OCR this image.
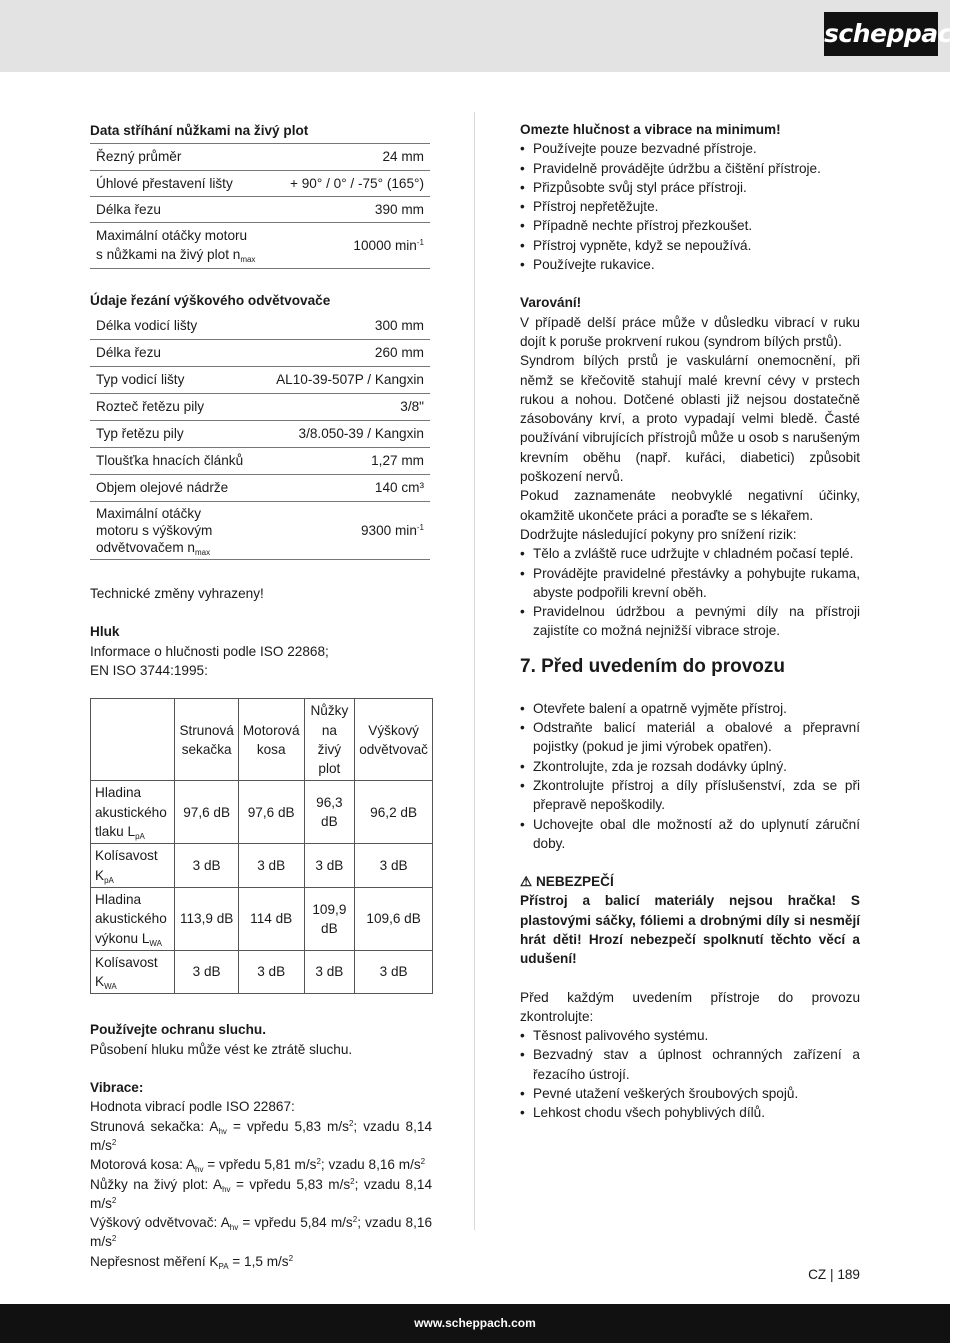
scheppach

Data stříhání nůžkami na živý plot

Řezný průměr	24 mm
Úhlové přestavení lišty	+ 90° / 0° / -75° (165°)
Délka řezu	390 mm
Maximální otáčky motoru
s nůžkami na živý plot $n_{max}$	10000 $\min^{-1}$

Údaje řezání výškového odvětvovače

Délka vodicí lišty	300 mm
Délka řezu	260 mm
Typ vodicí lišty	AL10-39-507P / Kangxin
Rozteč řetězu pily	3/8"
Typ řetězu pily	3/8.050-39 / Kangxin
Tloušťka hnacích článků	1,27 mm
Objem olejové nádrže	140 cm³
Maximální otáčky
motoru s výškovým
odvětvovačem $n_{max}$	9300 $\min^{-1}$

Technické změny vyhrazeny!

Hluk

Informace o hlučnosti podle ISO 22868;

EN ISO 3744:1995:

	Strunová sekačka	Motorová kosa	Nůžky na živý plot	Výškový odvětvovač
Hladina akustického tlaku $L_{pA}$	97,6 dB	97,6 dB	96,3 dB	96,2 dB
Kolísavost $K_{pA}$	3 dB	3 dB	3 dB	3 dB
Hladina akustického výkonu $L_{WA}$	113,9 dB	114 dB	109,9 dB	109,6 dB
Kolísavost $K_{WA}$	3 dB	3 dB	3 dB	3 dB

Používejte ochranu sluchu.

Působení hluku může vést ke ztrátě sluchu.

Vibrace:

Hodnota vibrací podle ISO 22867:

Strunová sekačka: $A_{hv}$ = vpředu 5,83 $m/s^2$; vzadu 8,14 $m/s^2$

Motorová kosa: $A_{hv}$ = vpředu 5,81 $m/s^2$; vzadu 8,16 $m/s^2$

Nůžky na živý plot: $A_{hv}$ = vpředu 5,83 $m/s^2$; vzadu 8,14 $m/s^2$

Výškový odvětvovač: $A_{hv}$ = vpředu 5,84 $m/s^2$; vzadu 8,16 $m/s^2$

Nepřesnost měření $K_{PA} = 1,5$ $m/s^2$

Omezte hlučnost a vibrace na minimum!

• Používejte pouze bezvadné přístroje.
• Pravidelně provádějte údržbu a čištění přístroje.
• Přizpůsobte svůj styl práce přístroji.
• Přístroj nepřetěžujte.
• Případně nechte přístroj přezkoušet.
• Přístroj vypněte, když se nepoužívá.
• Používejte rukavice.

Varování!

V případě delší práce může v důsledku vibrací v ruku dojít k poruše prokrvení rukou (syndrom bílých prstů).

Syndrom bílých prstů je vaskulární onemocnění, při němž se křečovitě stahují malé krevní cévy v prstech rukou a nohou. Dotčené oblasti již nejsou dostatečně zásobovány krví, a proto vypadají velmi bledě. Časté používání vibrujících přístrojů může u osob s narušeným krevním oběhu (např. kuřáci, diabetici) způsobit poškození nervů.

Pokud zaznamenáte neobvyklé negativní účinky, okamžitě ukončete práci a poraďte se s lékařem.

Dodržujte následující pokyny pro snížení rizik:

• Tělo a zvláště ruce udržujte v chladném počasí teplé.
• Provádějte pravidelné přestávky a pohybujte rukama, abyste podpořili krevní oběh.
• Pravidelnou údržbou a pevnými díly na přístroji zajistíte co možná nejnižší vibrace stroje.
7. Před uvedením do provozu
• Otevřete balení a opatrně vyjměte přístroj.
• Odstraňte balicí materiál a obalové a přepravní pojistky (pokud je jimi výrobek opatřen).
• Zkontrolujte, zda je rozsah dodávky úplný.
• Zkontrolujte přístroj a díly příslušenství, zda se při přepravě nepoškodily.
• Uchovejte obal dle možností až do uplynutí záruční doby.

⚠ NEBEZPEČÍ

Přístroj a balicí materiály nejsou hračka! S plastovými sáčky, fóliemi a drobnými díly si nesmějí hrát děti! Hrozí nebezpečí spolknutí těchto věcí a udušení!

Před každým uvedením přístroje do provozu zkontrolujte:

• Těsnost palivového systému.
• Bezvadný stav a úplnost ochranných zařízení a řezacího ústrojí.
• Pevné utažení veškerých šroubových spojů.
• Lehkost chodu všech pohyblivých dílů.
CZ | 189
www.scheppach.com
